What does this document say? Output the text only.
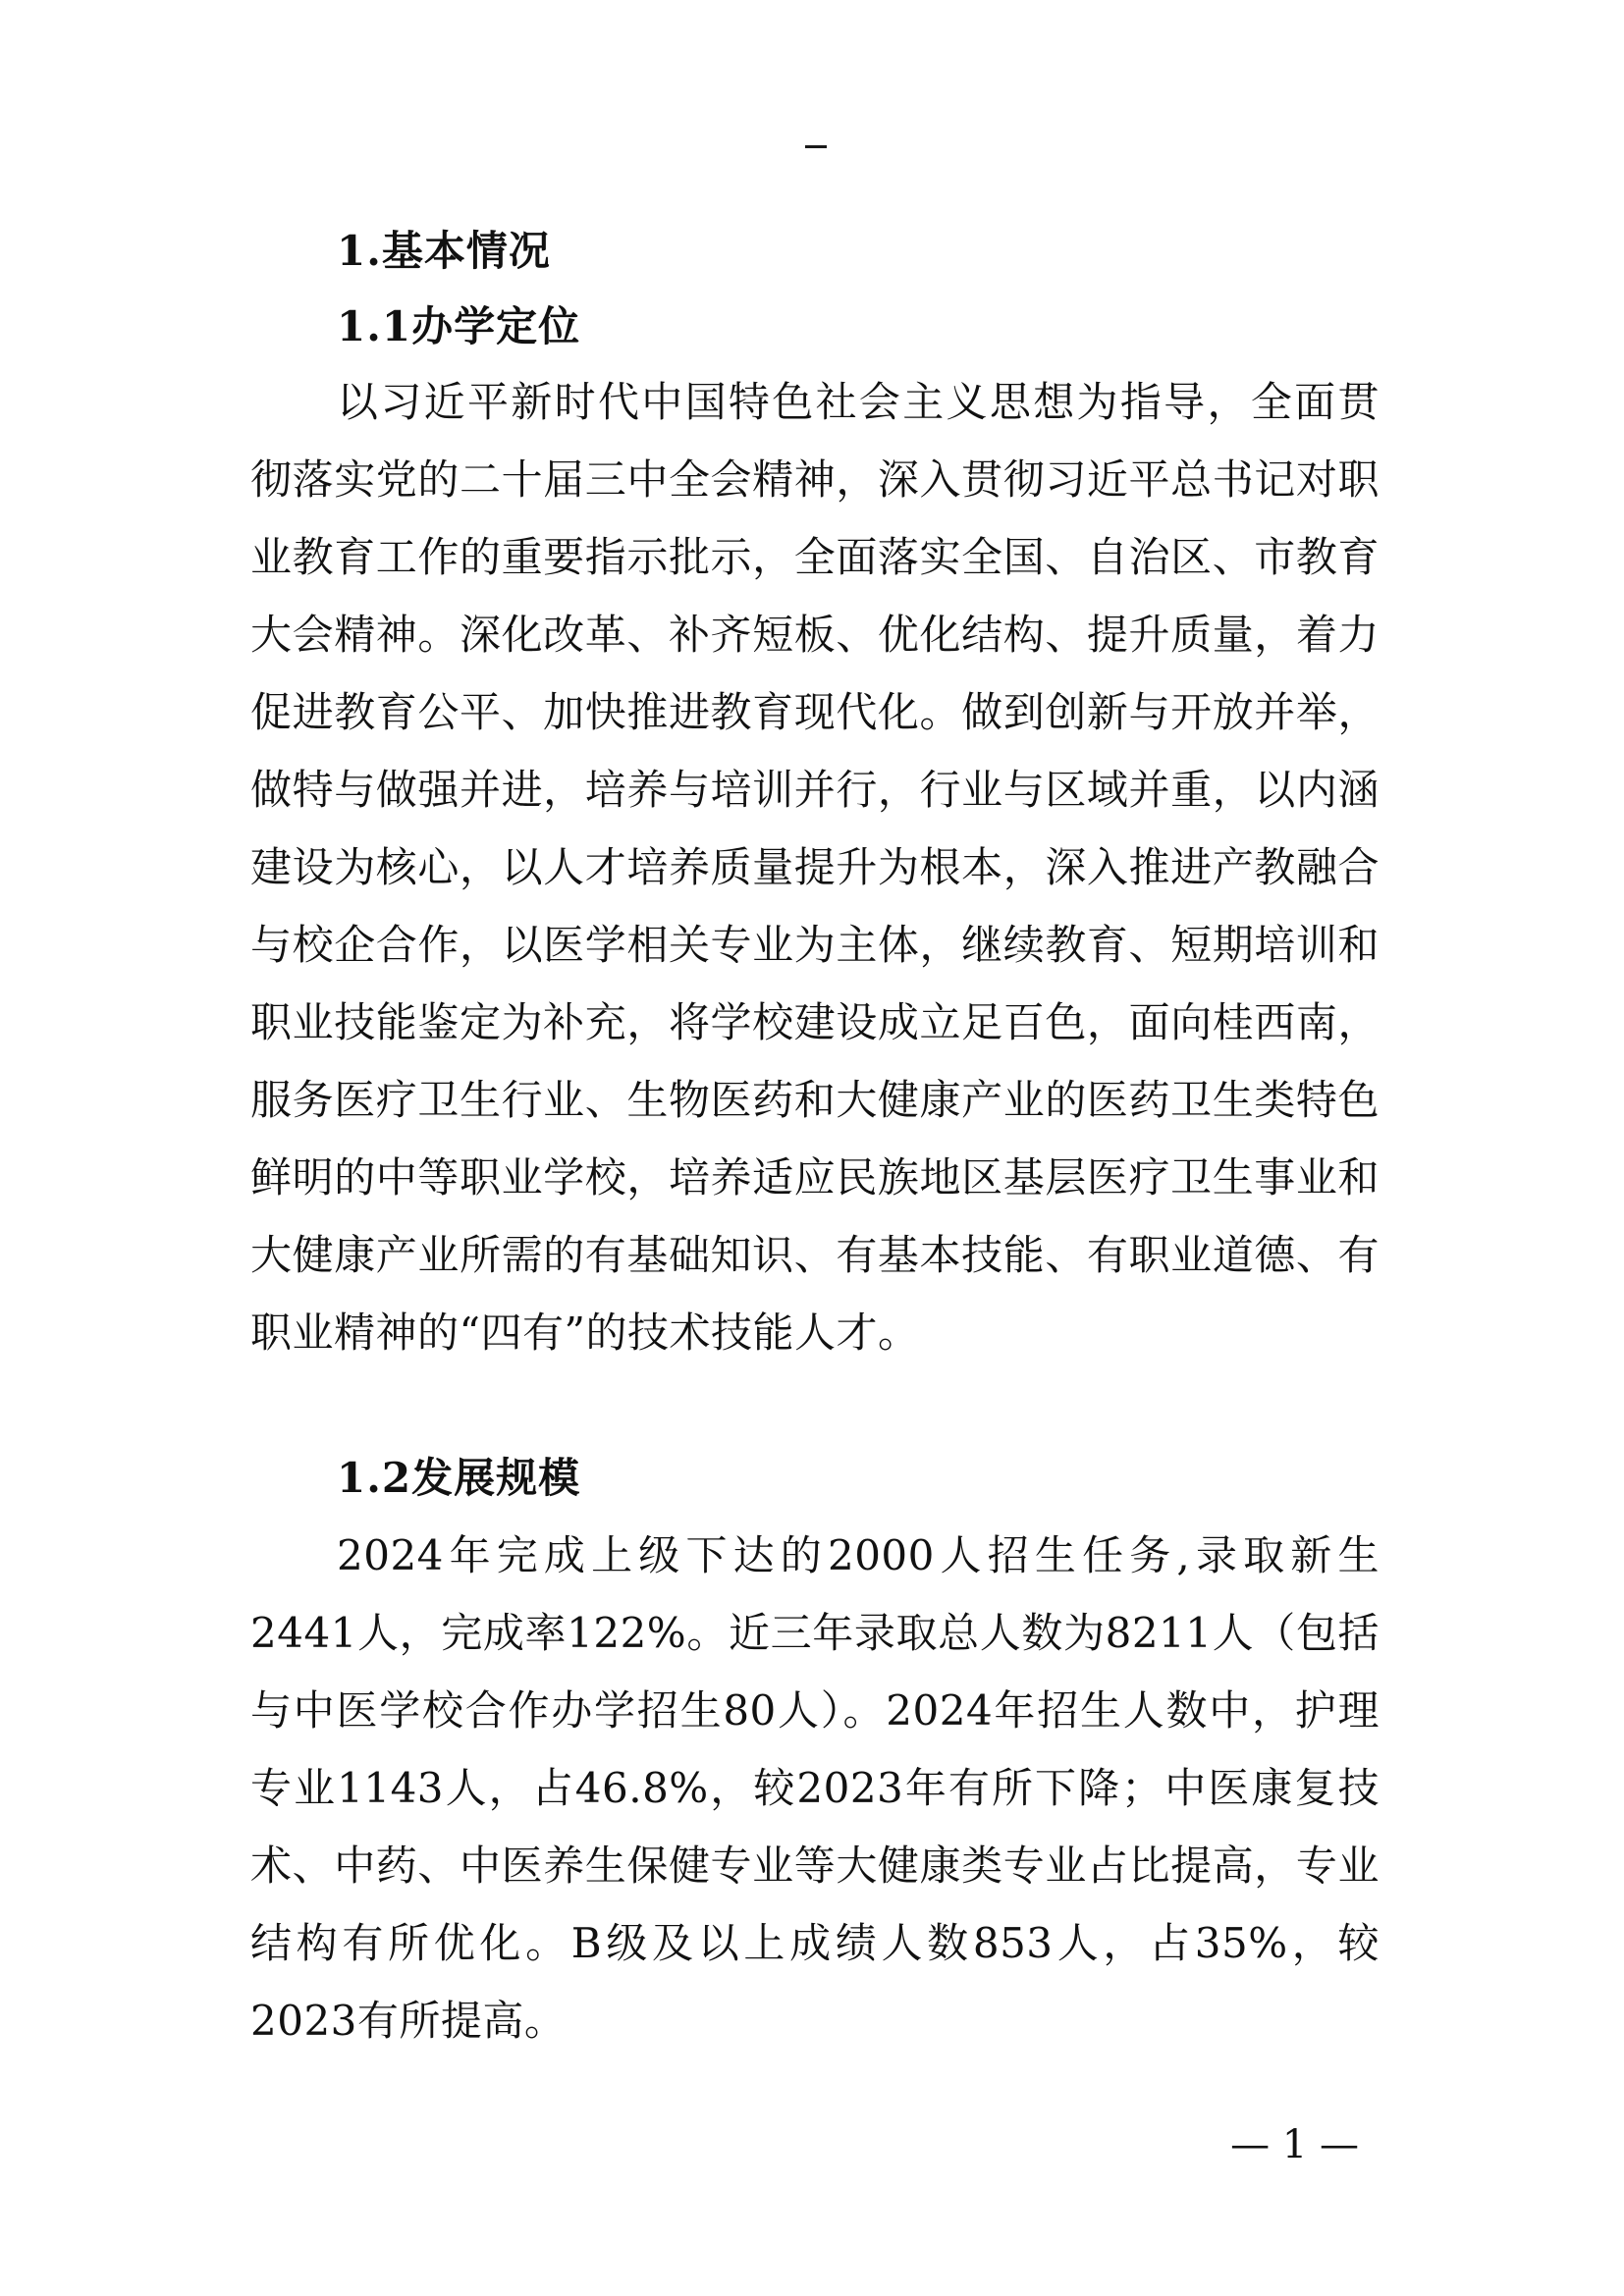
1.基本情况
1.1办学定位

以习近平新时代中国特色社会主义思想为指导，全面贯彻落实党的二十届三中全会精神，深入贯彻习近平总书记对职业教育工作的重要指示批示，全面落实全国、自治区、市教育大会精神。深化改革、补齐短板、优化结构、提升质量，着力促进教育公平、加快推进教育现代化。做到创新与开放并举，做特与做强并进，培养与培训并行，行业与区域并重，以内涵建设为核心，以人才培养质量提升为根本，深入推进产教融合与校企合作，以医学相关专业为主体，继续教育、短期培训和职业技能鉴定为补充，将学校建设成立足百色，面向桂西南，服务医疗卫生行业、生物医药和大健康产业的医药卫生类特色鲜明的中等职业学校，培养适应民族地区基层医疗卫生事业和大健康产业所需的有基础知识、有基本技能、有职业道德、有职业精神的“四有”的技术技能人才。

1.2发展规模

2024年完成上级下达的2000人招生任务,录取新生2441人，完成率122%。近三年录取总人数为8211人（包括与中医学校合作办学招生80人）。2024年招生人数中，护理专业1143人，占46.8%，较2023年有所下降；中医康复技术、中药、中医养生保健专业等大健康类专业占比提高，专业结构有所优化。B级及以上成绩人数853人，占35%，较2023有所提高。

— 1 —
